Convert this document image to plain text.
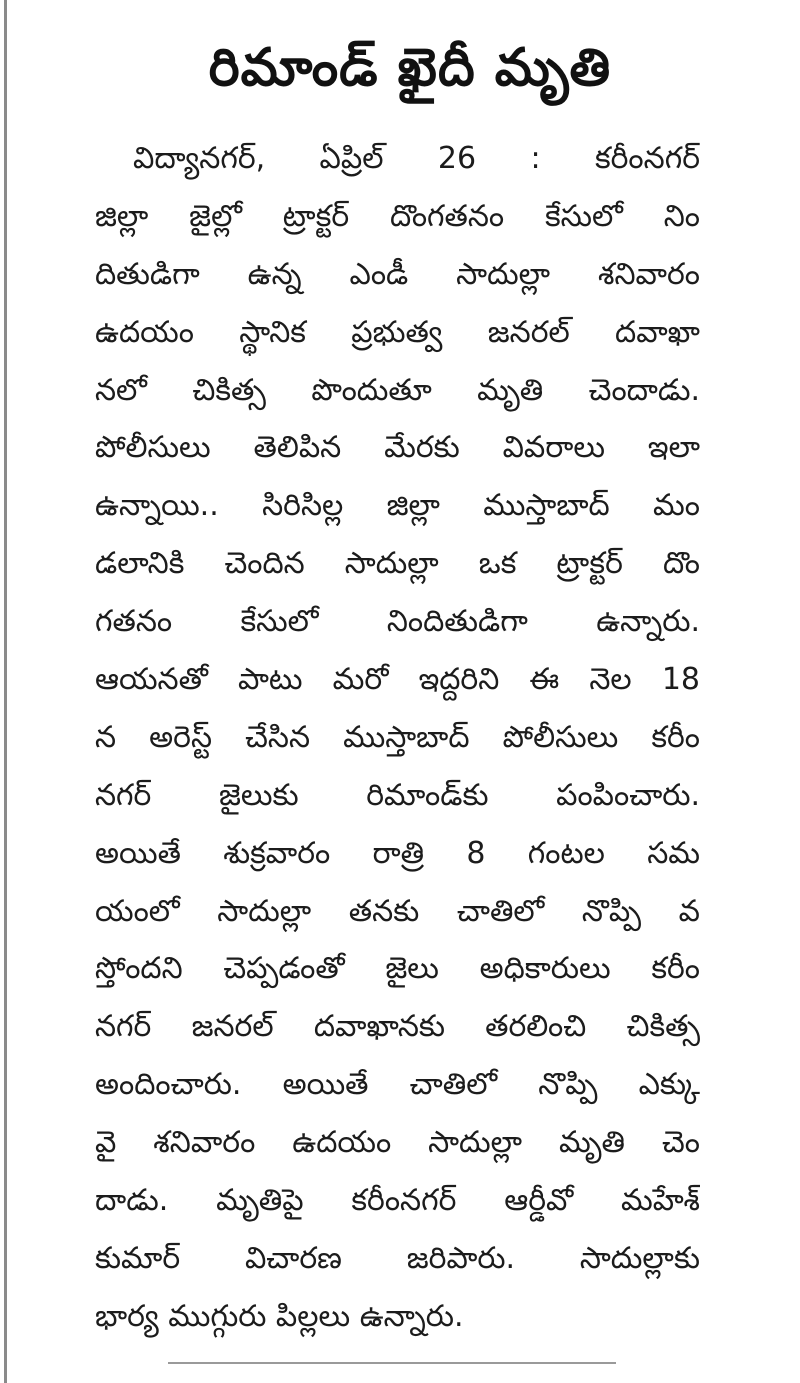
రిమాండ్ ఖైదీ మృతి
విద్యానగర్, ఏప్రిల్ 26 : కరీంనగర్
జిల్లా జైల్లో ట్రాక్టర్ దొంగతనం కేసులో నిం
దితుడిగా ఉన్న ఎండీ సాదుల్లా శనివారం
ఉదయం స్థానిక ప్రభుత్వ జనరల్ దవాఖా
నలో చికిత్స పొందుతూ మృతి చెందాడు.
పోలీసులు తెలిపిన మేరకు వివరాలు ఇలా
ఉన్నాయి.. సిరిసిల్ల జిల్లా ముస్తాబాద్ మం
డలానికి చెందిన సాదుల్లా ఒక ట్రాక్టర్ దొం
గతనం కేసులో నిందితుడిగా ఉన్నారు.
ఆయనతో పాటు మరో ఇద్దరిని ఈ నెల 18
న అరెస్ట్ చేసిన ముస్తాబాద్ పోలీసులు కరీం
నగర్ జైలుకు రిమాండ్‌కు పంపించారు.
అయితే శుక్రవారం రాత్రి 8 గంటల సమ
యంలో సాదుల్లా తనకు చాతిలో నొప్పి వ
స్తోందని చెప్పడంతో జైలు అధికారులు కరీం
నగర్ జనరల్ దవాఖానకు తరలించి చికిత్స
అందించారు. అయితే చాతిలో నొప్పి ఎక్కు
వై శనివారం ఉదయం సాదుల్లా మృతి చెం
దాడు. మృతిపై కరీంనగర్ ఆర్డీవో మహేశ్
కుమార్ విచారణ జరిపారు. సాదుల్లాకు
భార్య ముగ్గురు పిల్లలు ఉన్నారు.
